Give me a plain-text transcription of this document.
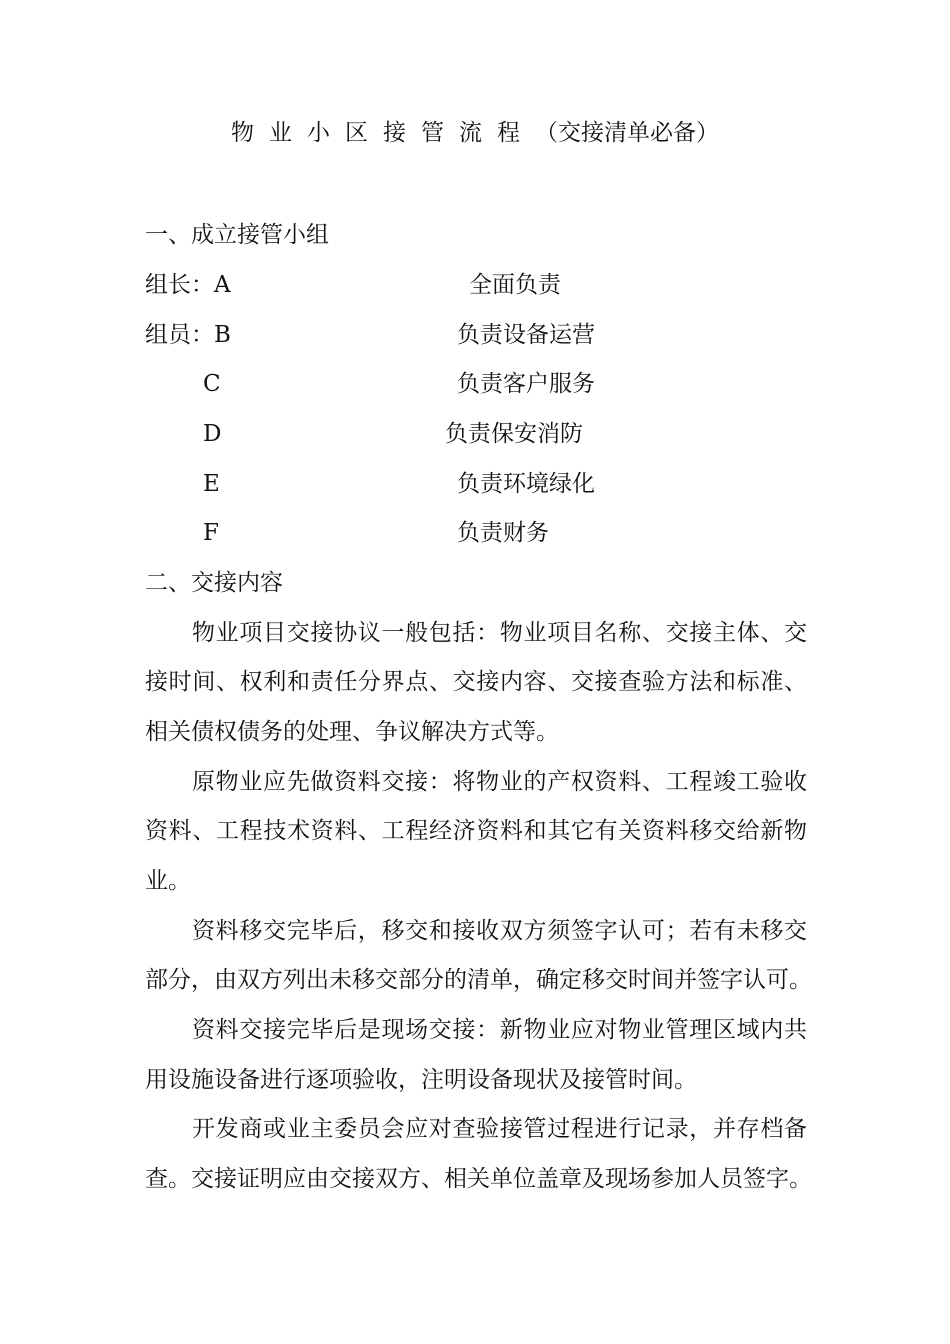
物业小区接管流程（交接清单必备）
一、成立接管小组
组长：A	全面负责
组员：B	负责设备运营
C	负责客户服务
D	负责保安消防
E	负责环境绿化
F	负责财务
二、交接内容
物业项目交接协议一般包括：物业项目名称、交接主体、交
接时间、权利和责任分界点、交接内容、交接查验方法和标准、
相关债权债务的处理、争议解决方式等。
原物业应先做资料交接：将物业的产权资料、工程竣工验收
资料、工程技术资料、工程经济资料和其它有关资料移交给新物
业。
资料移交完毕后，移交和接收双方须签字认可；若有未移交
部分，由双方列出未移交部分的清单，确定移交时间并签字认可。
资料交接完毕后是现场交接：新物业应对物业管理区域内共
用设施设备进行逐项验收，注明设备现状及接管时间。
开发商或业主委员会应对查验接管过程进行记录，并存档备
查。交接证明应由交接双方、相关单位盖章及现场参加人员签字。
